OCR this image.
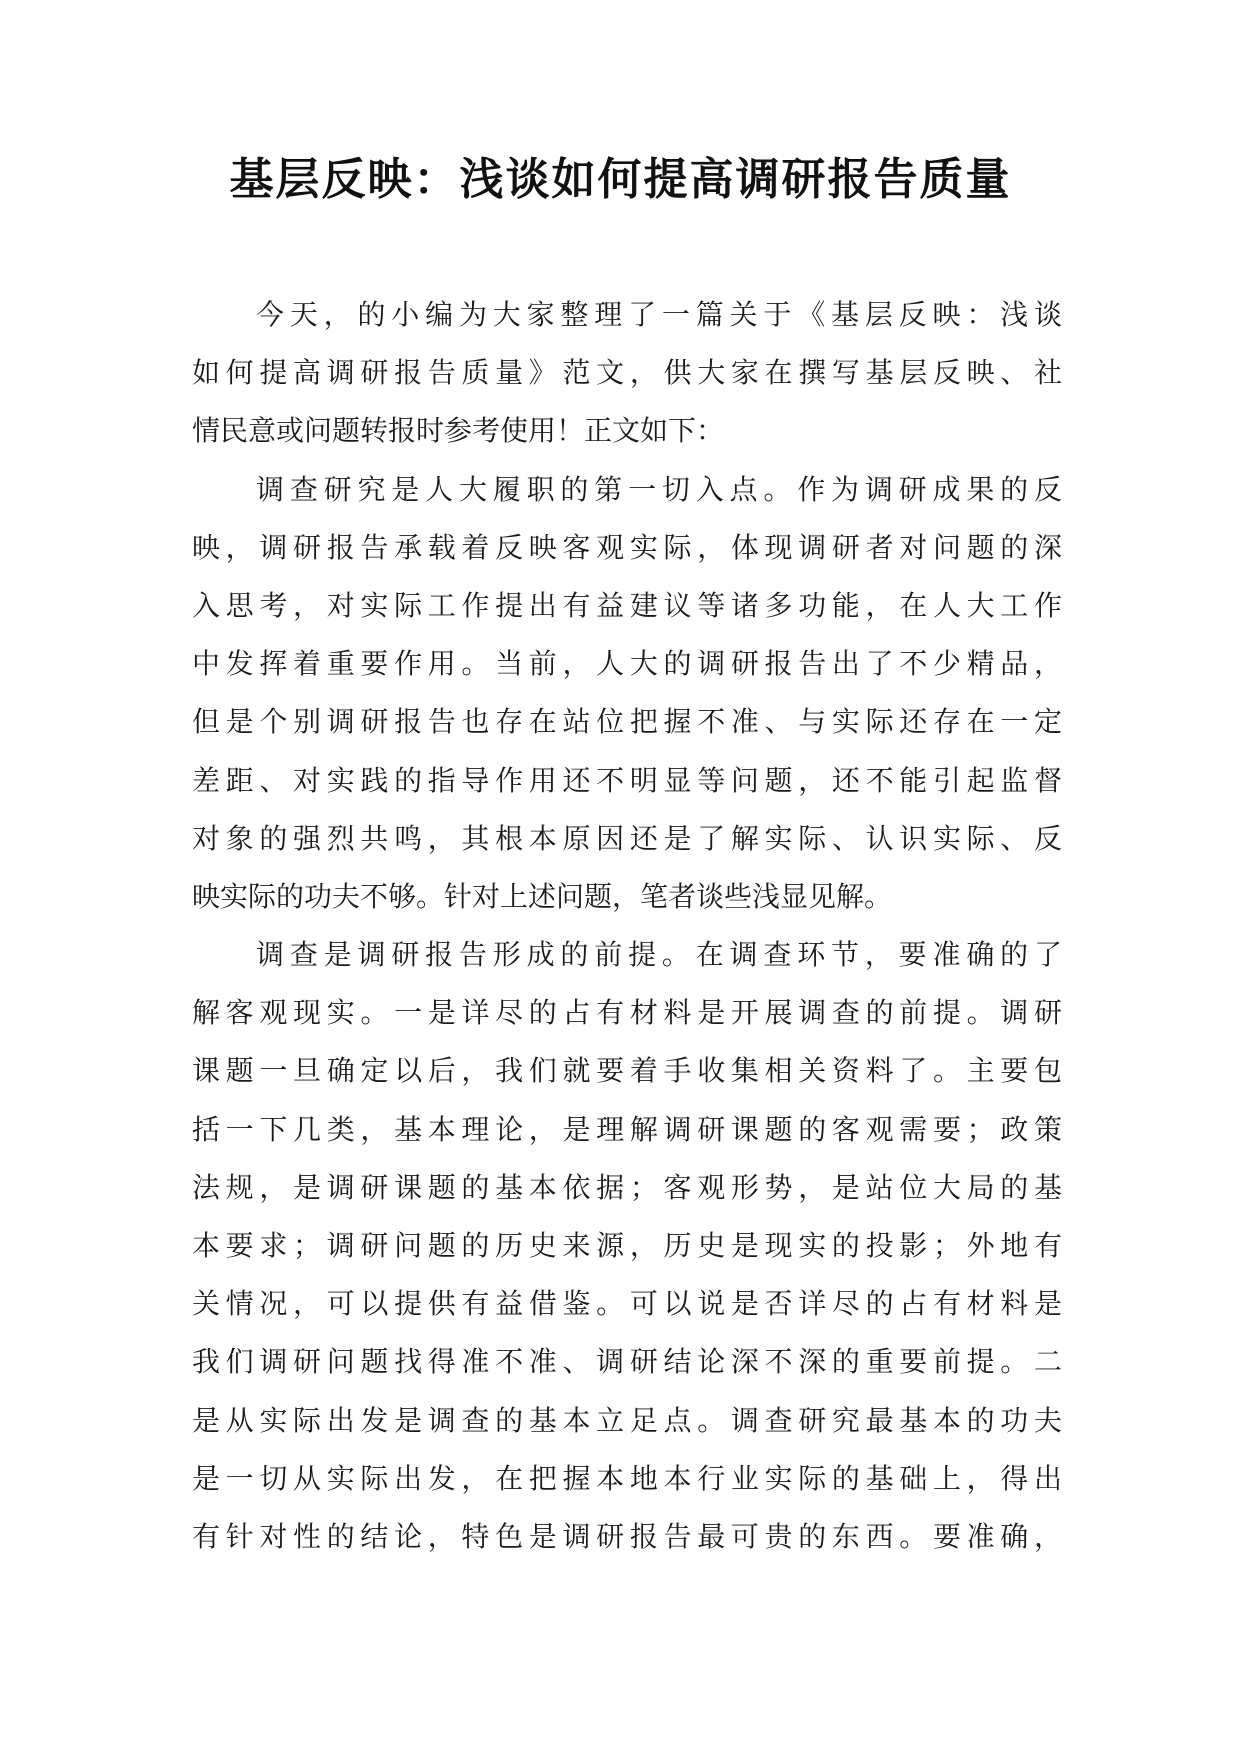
基层反映：浅谈如何提高调研报告质量
今天，的小编为大家整理了一篇关于《基层反映：浅谈
如何提高调研报告质量》范文，供大家在撰写基层反映、社
情民意或问题转报时参考使用！正文如下：
调查研究是人大履职的第一切入点。作为调研成果的反
映，调研报告承载着反映客观实际，体现调研者对问题的深
入思考，对实际工作提出有益建议等诸多功能，在人大工作
中发挥着重要作用。当前，人大的调研报告出了不少精品，
但是个别调研报告也存在站位把握不准、与实际还存在一定
差距、对实践的指导作用还不明显等问题，还不能引起监督
对象的强烈共鸣，其根本原因还是了解实际、认识实际、反
映实际的功夫不够。针对上述问题，笔者谈些浅显见解。
调查是调研报告形成的前提。在调查环节，要准确的了
解客观现实。一是详尽的占有材料是开展调查的前提。调研
课题一旦确定以后，我们就要着手收集相关资料了。主要包
括一下几类，基本理论，是理解调研课题的客观需要；政策
法规，是调研课题的基本依据；客观形势，是站位大局的基
本要求；调研问题的历史来源，历史是现实的投影；外地有
关情况，可以提供有益借鉴。可以说是否详尽的占有材料是
我们调研问题找得准不准、调研结论深不深的重要前提。二
是从实际出发是调查的基本立足点。调查研究最基本的功夫
是一切从实际出发，在把握本地本行业实际的基础上，得出
有针对性的结论，特色是调研报告最可贵的东西。要准确，
